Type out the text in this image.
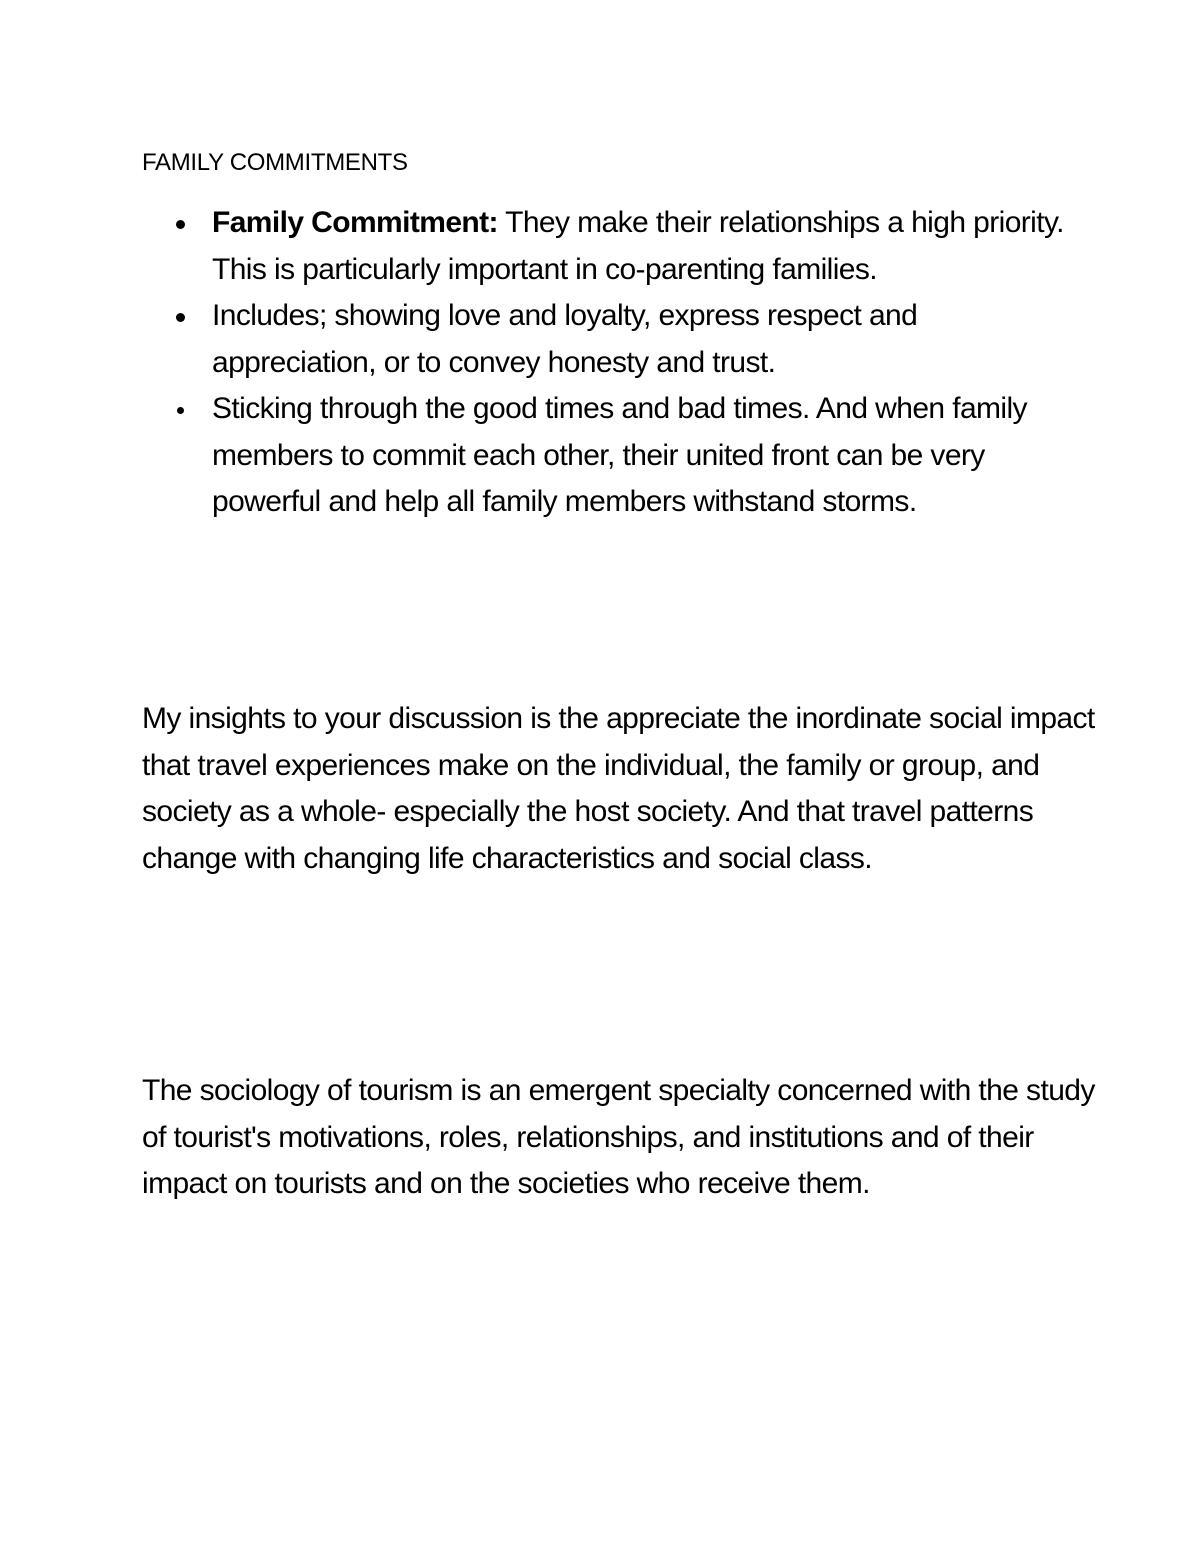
FAMILY COMMITMENTS
Family Commitment: They make their relationships a high priority. This is particularly important in co-parenting families.
Includes; showing love and loyalty, express respect and appreciation, or to convey honesty and trust.
Sticking through the good times and bad times. And when family members to commit each other, their united front can be very powerful and help all family members withstand storms.

My insights to your discussion is the appreciate the inordinate social impact that travel experiences make on the individual, the family or group, and society as a whole- especially the host society. And that travel patterns change with changing life characteristics and social class.

The sociology of tourism is an emergent specialty concerned with the study of tourist's motivations, roles, relationships, and institutions and of their impact on tourists and on the societies who receive them.
